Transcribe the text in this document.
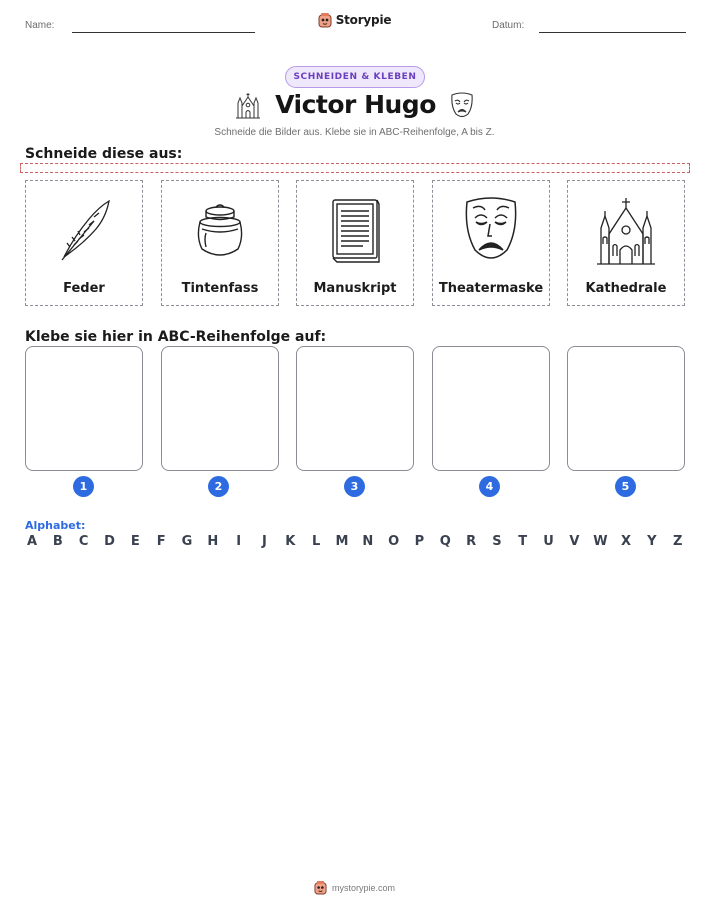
Name:	Storypie	Datum:
SCHNEIDEN & KLEBEN
Victor Hugo
Schneide die Bilder aus. Klebe sie in ABC-Reihenfolge, A bis Z.
Schneide diese aus:
Feder	Tintenfass	Manuskript	Theatermaske	Kathedrale
Klebe sie hier in ABC-Reihenfolge auf:
1	2	3	4	5
Alphabet:
A B C D E F G H	I	J	K L M N O P Q R S T U V W X Y Z
mystorypie.com
